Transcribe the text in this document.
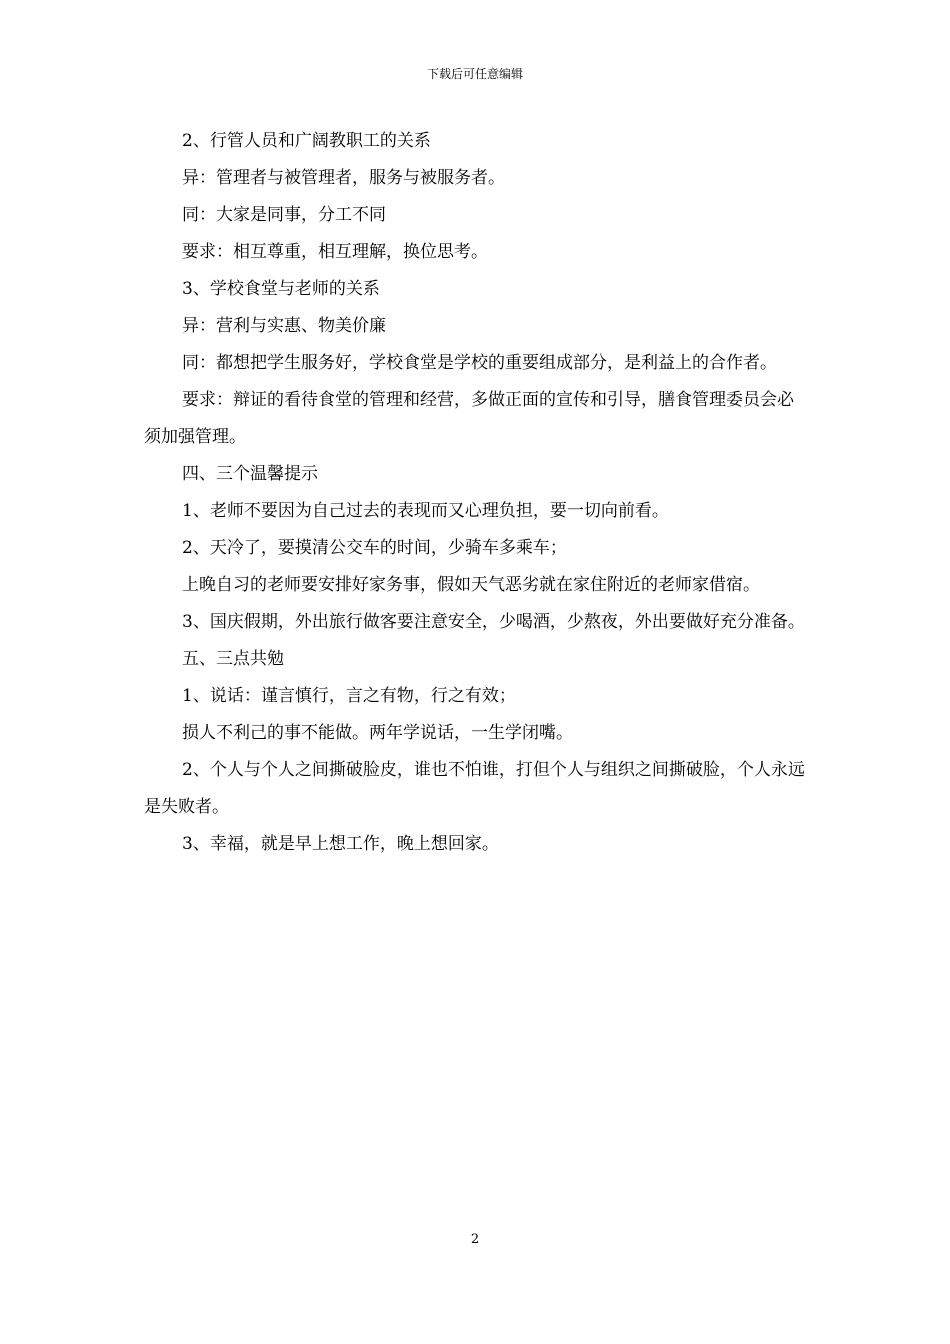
下载后可任意编辑

2、行管人员和广阔教职工的关系

异：管理者与被管理者，服务与被服务者。

同：大家是同事，分工不同

要求：相互尊重，相互理解，换位思考。

3、学校食堂与老师的关系

异：营利与实惠、物美价廉

同：都想把学生服务好，学校食堂是学校的重要组成部分，是利益上的合作者。

要求：辩证的看待食堂的管理和经营，多做正面的宣传和引导，膳食管理委员会必须加强管理。

四、三个温馨提示

1、老师不要因为自己过去的表现而又心理负担，要一切向前看。

2、天冷了，要摸清公交车的时间，少骑车多乘车；

上晚自习的老师要安排好家务事，假如天气恶劣就在家住附近的老师家借宿。

3、国庆假期，外出旅行做客要注意安全，少喝酒，少熬夜，外出要做好充分准备。

五、三点共勉

1、说话：谨言慎行，言之有物，行之有效；

损人不利己的事不能做。两年学说话，一生学闭嘴。

2、个人与个人之间撕破脸皮，谁也不怕谁，打但个人与组织之间撕破脸，个人永远是失败者。

3、幸福，就是早上想工作，晚上想回家。

2
